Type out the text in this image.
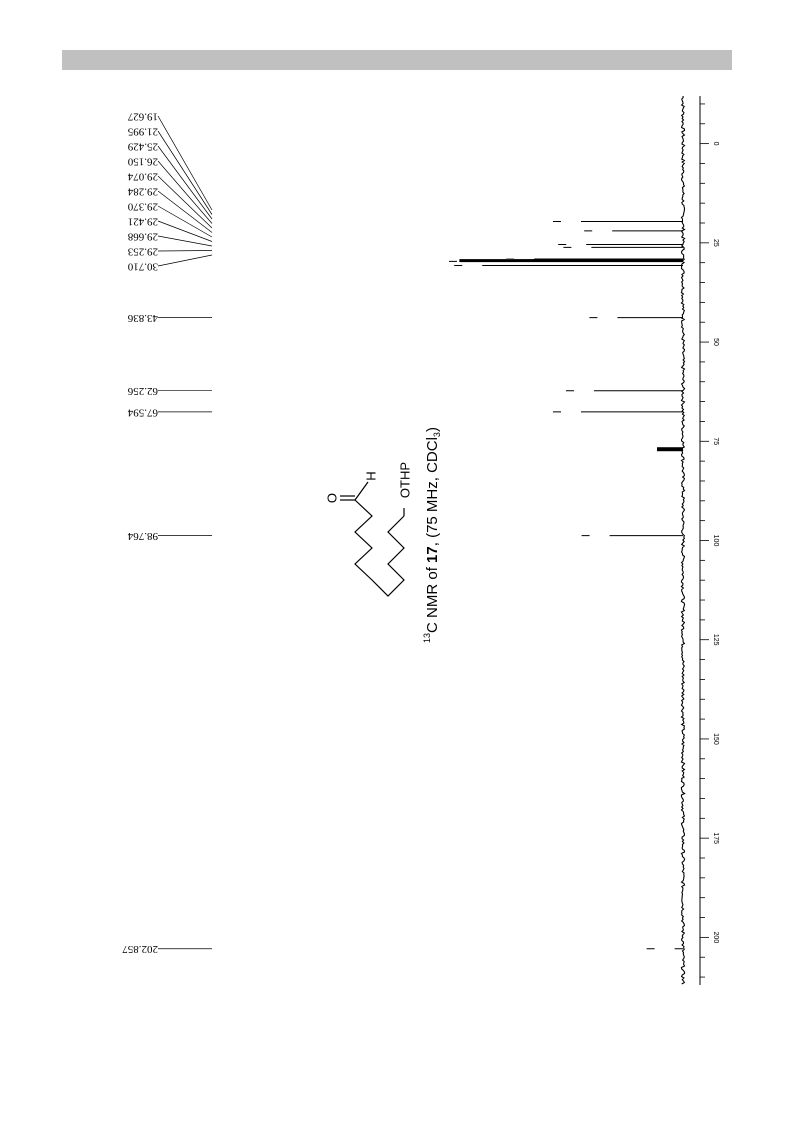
0
25
50
75
100
125
150
175
200
19.627
21.995
25.429
26.150
29.074
29.284
29.370
29.421
29.668
29.253
30.710
43.836
62.256
67.594
98.764
202.857
O
H OTHP
$^{13}$C NMR of 17, (75 MHz, CDCl$_3$)
